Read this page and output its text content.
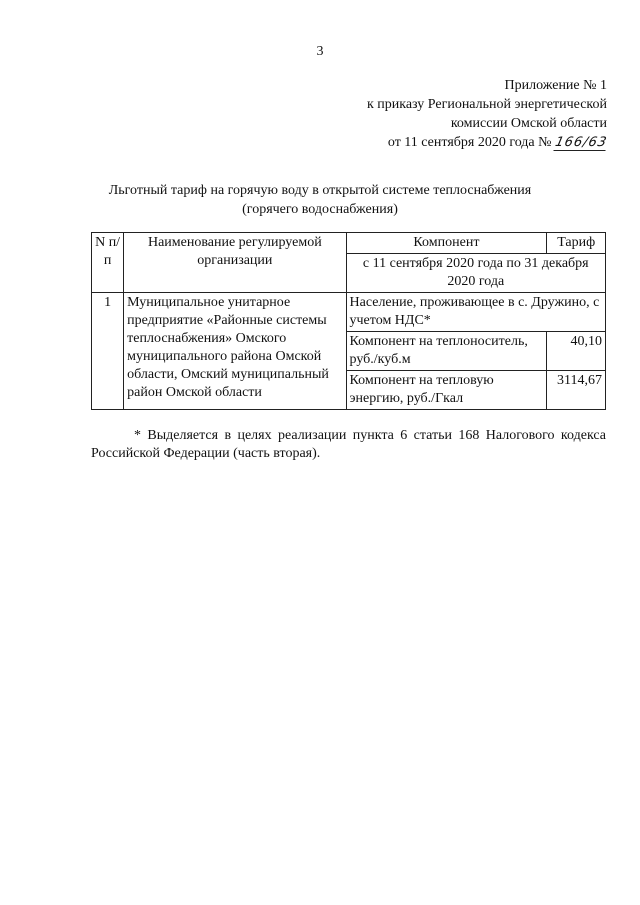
3
Приложение № 1
к приказу Региональной энергетической
комиссии Омской области
от 11 сентября 2020 года № 166/63
Льготный тариф на горячую воду в открытой системе теплоснабжения
(горячего водоснабжения)
N п/п	Наименование регулируемой организации	Компонент	Тариф
		с 11 сентября 2020 года по 31 декабря 2020 года	
1	Муниципальное унитарное предприятие «Районные системы теплоснабжения» Омского муниципального района Омской области, Омский муниципальный район Омской области	Население, проживающее в с. Дружино, с учетом НДС*	
		Компонент на теплоноситель, руб./куб.м	40,10
		Компонент на тепловую энергию, руб./Гкал	3114,67
* Выделяется в целях реализации пункта 6 статьи 168 Налогового кодекса Российской Федерации (часть вторая).
